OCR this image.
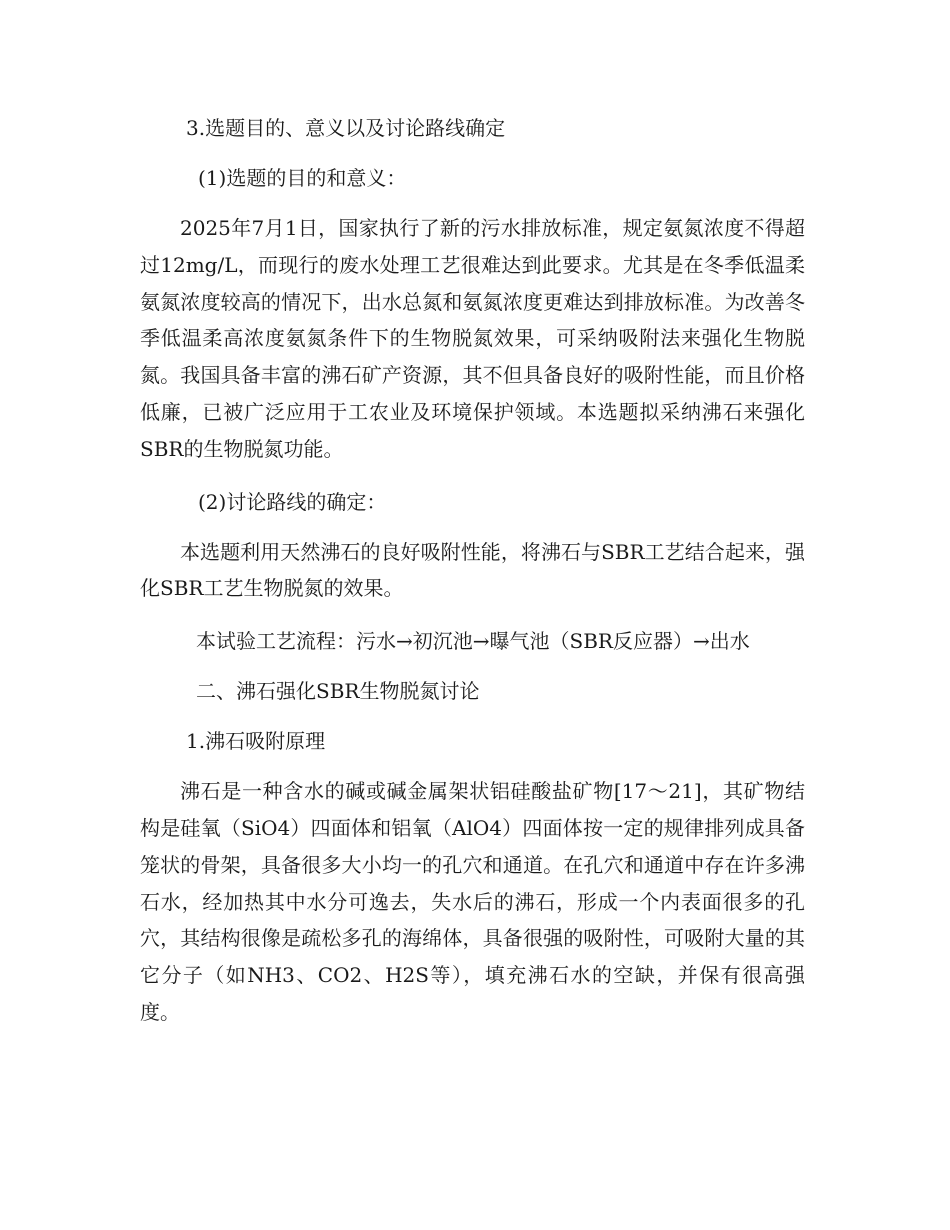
3.选题目的、意义以及讨论路线确定

(1)选题的目的和意义：

2025年7月1日，国家执行了新的污水排放标准，规定氨氮浓度不得超过12mg/L，而现行的废水处理工艺很难达到此要求。尤其是在冬季低温柔氨氮浓度较高的情况下，出水总氮和氨氮浓度更难达到排放标准。为改善冬季低温柔高浓度氨氮条件下的生物脱氮效果，可采纳吸附法来强化生物脱氮。我国具备丰富的沸石矿产资源，其不但具备良好的吸附性能，而且价格低廉，已被广泛应用于工农业及环境保护领域。本选题拟采纳沸石来强化SBR的生物脱氮功能。

(2)讨论路线的确定：

本选题利用天然沸石的良好吸附性能，将沸石与SBR工艺结合起来，强化SBR工艺生物脱氮的效果。

本试验工艺流程：污水→初沉池→曝气池（SBR反应器）→出水

二、沸石强化SBR生物脱氮讨论

1.沸石吸附原理

沸石是一种含水的碱或碱金属架状铝硅酸盐矿物[17～21]，其矿物结构是硅氧（SiO4）四面体和铝氧（AlO4）四面体按一定的规律排列成具备笼状的骨架，具备很多大小均一的孔穴和通道。在孔穴和通道中存在许多沸石水，经加热其中水分可逸去，失水后的沸石，形成一个内表面很多的孔穴，其结构很像是疏松多孔的海绵体，具备很强的吸附性，可吸附大量的其它分子（如NH3、CO2、H2S等），填充沸石水的空缺，并保有很高强度。
